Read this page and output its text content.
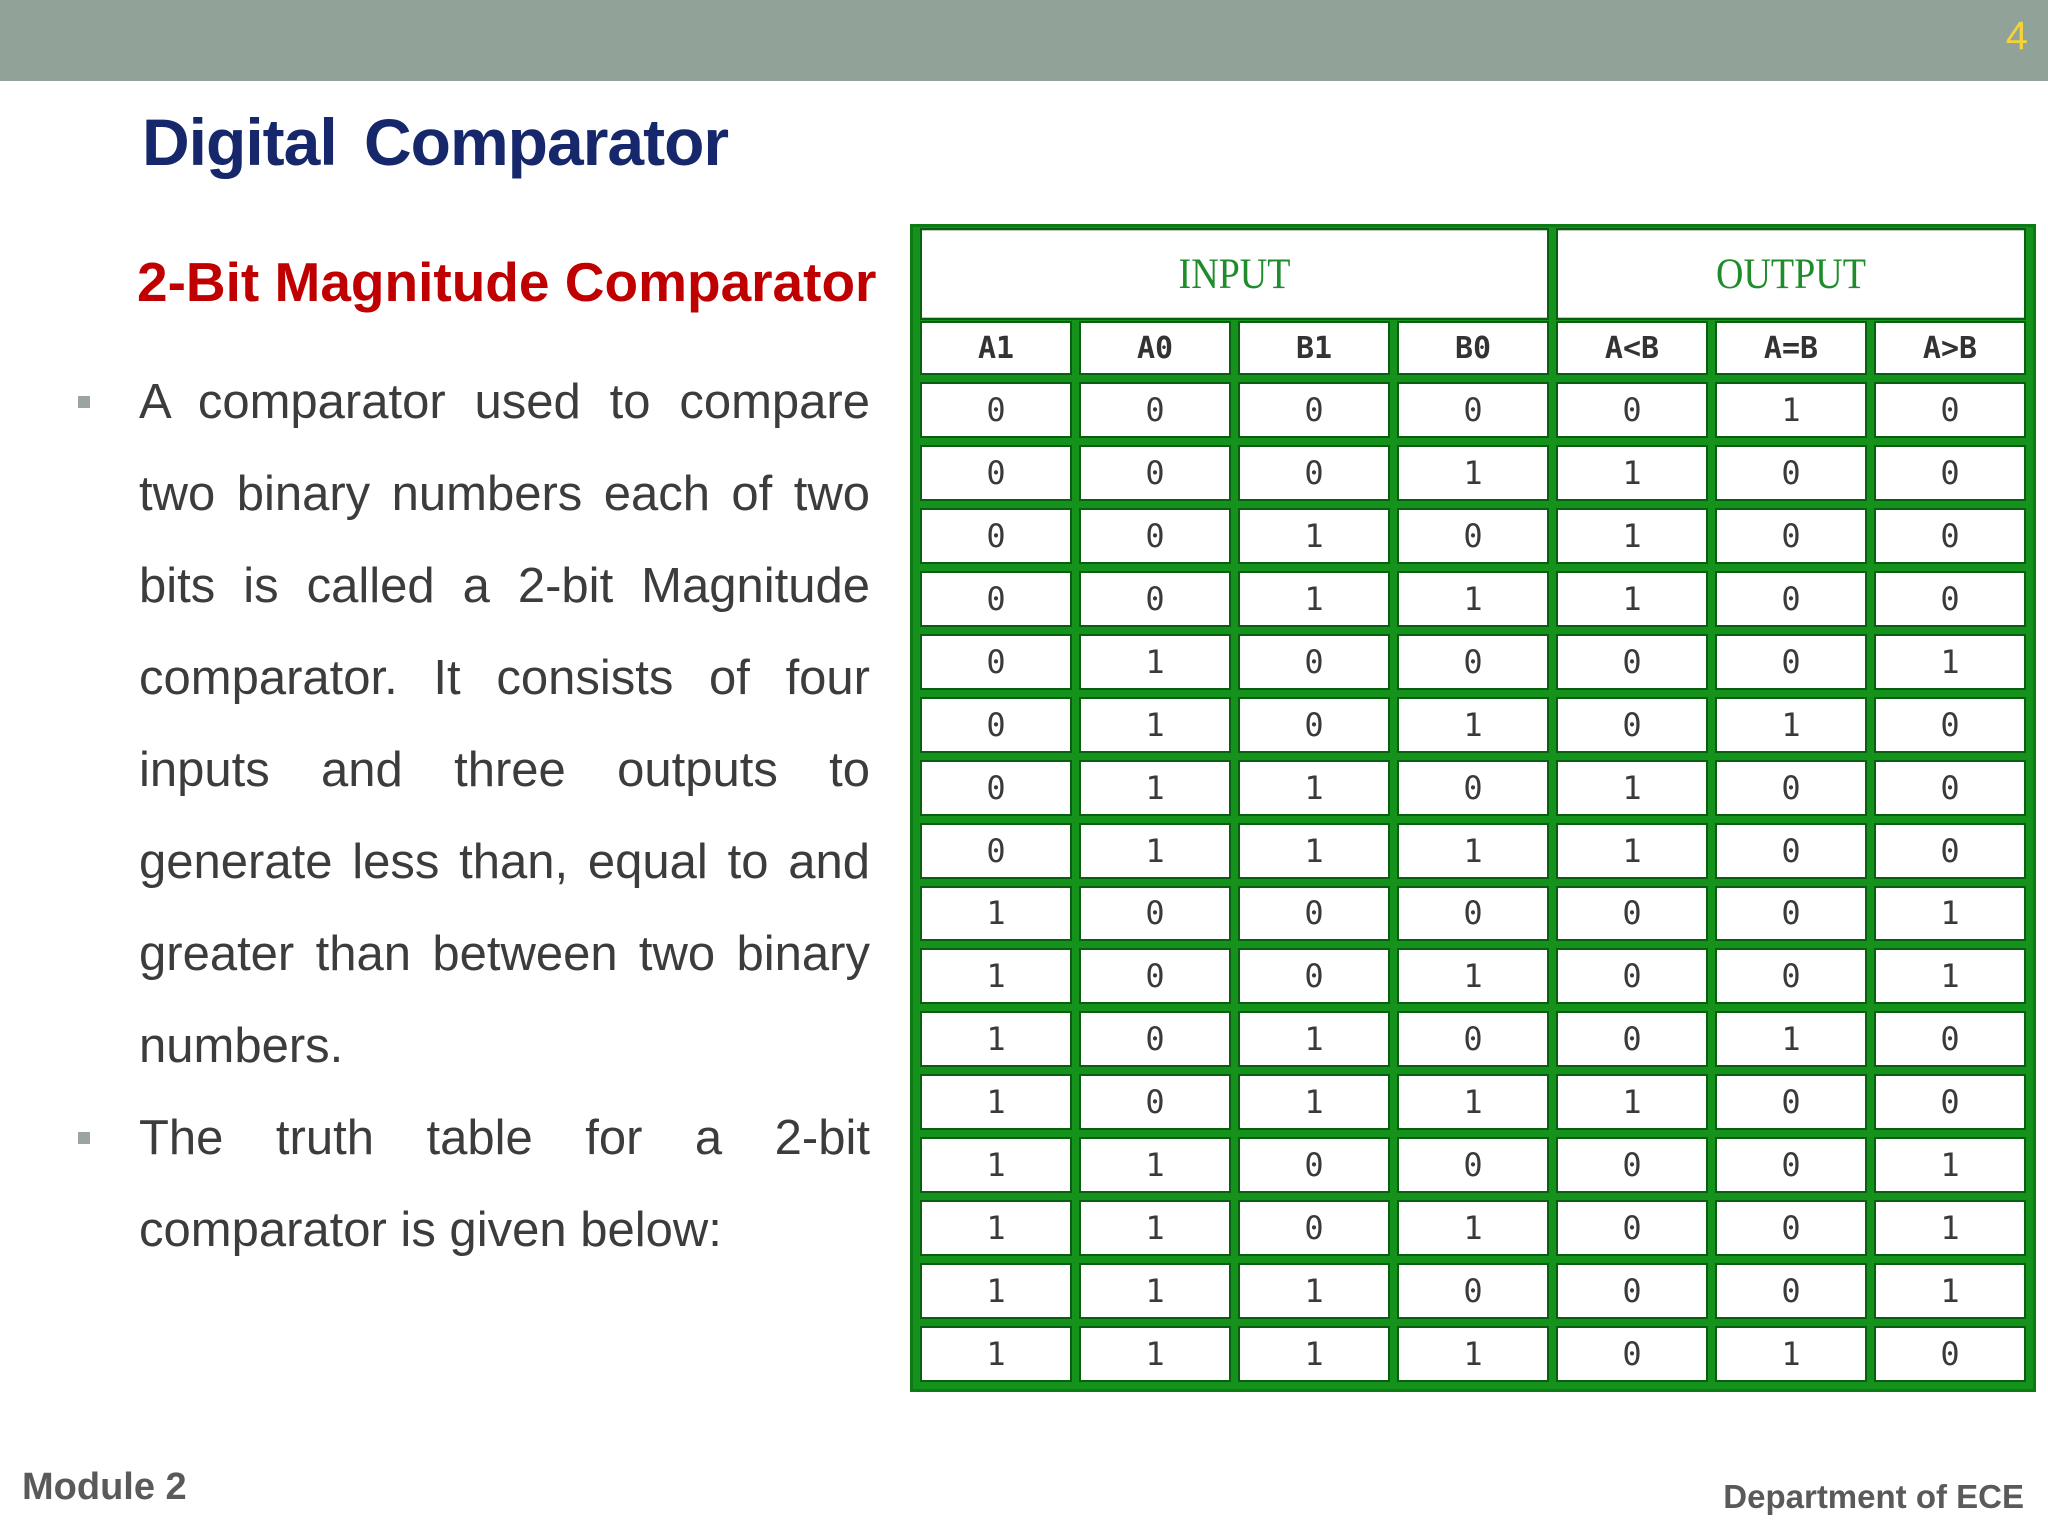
4
Digital Comparator
2-Bit Magnitude Comparator
A comparator used to compare two binary numbers each of two bits is called a 2-bit Magnitude comparator. It consists of four inputs and three outputs to generate less than, equal to and greater than between two binary numbers.
The truth table for a 2-bit comparator is given below:
INPUT				OUTPUT		
A1	A0	B1	B0	A<B	A=B	A>B
0	0	0	0	0	1	0
0	0	0	1	1	0	0
0	0	1	0	1	0	0
0	0	1	1	1	0	0
0	1	0	0	0	0	1
0	1	0	1	0	1	0
0	1	1	0	1	0	0
0	1	1	1	1	0	0
1	0	0	0	0	0	1
1	0	0	1	0	0	1
1	0	1	0	0	1	0
1	0	1	1	1	0	0
1	1	0	0	0	0	1
1	1	0	1	0	0	1
1	1	1	0	0	0	1
1	1	1	1	0	1	0
Module 2	Department of ECE
